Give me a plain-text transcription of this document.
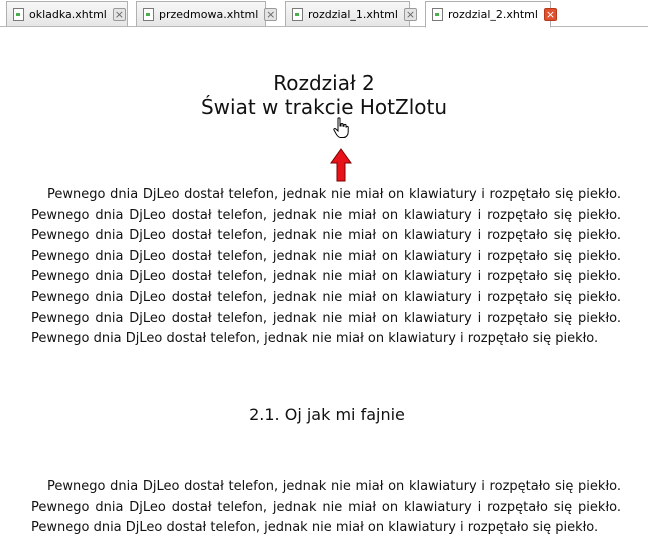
okladka.xhtml ×	przedmowa.xhtml ×	rozdzial_1.xhtml ×	rozdzial_2.xhtml ×
Rozdział 2
Świat w trakcie HotZlotu

Pewnego dnia DjLeo dostał telefon, jednak nie miał on klawiatury i rozpętało się piekło. Pewnego dnia DjLeo dostał telefon, jednak nie miał on klawiatury i rozpętało się piekło. Pewnego dnia DjLeo dostał telefon, jednak nie miał on klawiatury i rozpętało się piekło. Pewnego dnia DjLeo dostał telefon, jednak nie miał on klawiatury i rozpętało się piekło. Pewnego dnia DjLeo dostał telefon, jednak nie miał on klawiatury i rozpętało się piekło. Pewnego dnia DjLeo dostał telefon, jednak nie miał on klawiatury i rozpętało się piekło. Pewnego dnia DjLeo dostał telefon, jednak nie miał on klawiatury i rozpętało się piekło. Pewnego dnia DjLeo dostał telefon, jednak nie miał on klawiatury i rozpętało się piekło.

2.1. Oj jak mi fajnie

Pewnego dnia DjLeo dostał telefon, jednak nie miał on klawiatury i rozpętało się piekło. Pewnego dnia DjLeo dostał telefon, jednak nie miał on klawiatury i rozpętało się piekło. Pewnego dnia DjLeo dostał telefon, jednak nie miał on klawiatury i rozpętało się piekło.
